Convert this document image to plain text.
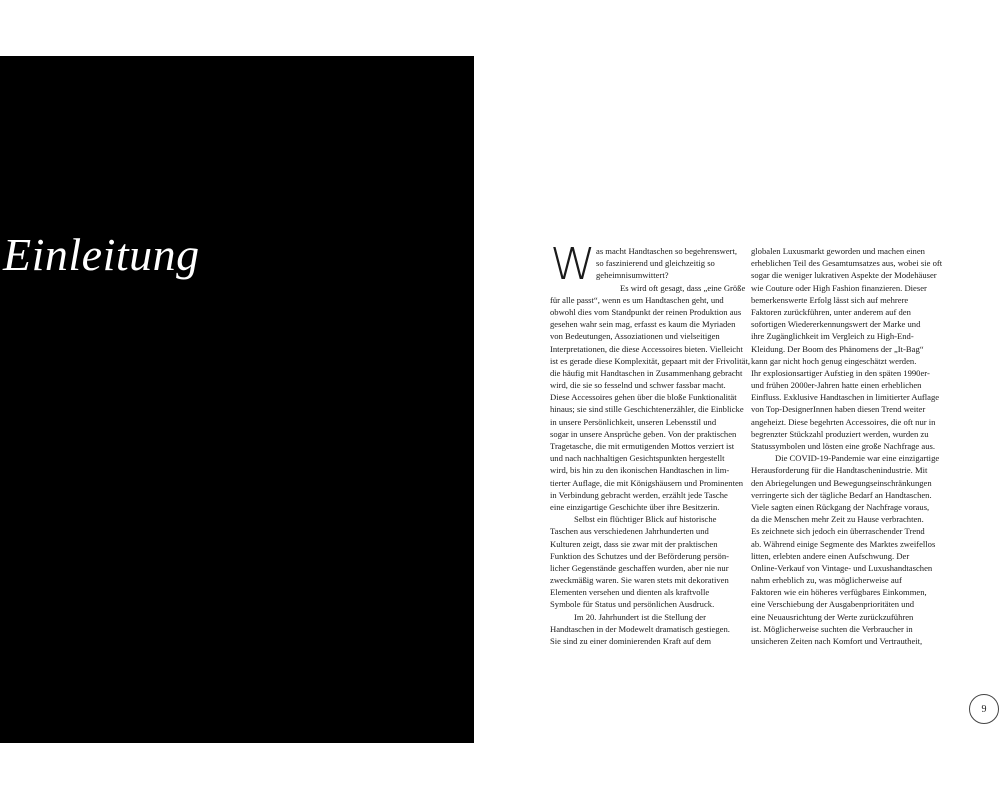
Einleitung	W as macht Handtaschen so begehrenswert,
so faszinierend und gleichzeitig so
geheimnisumwittert?
Es wird oft gesagt, dass „eine Größe
für alle passt“, wenn es um Handtaschen geht, und
obwohl dies vom Standpunkt der reinen Produktion aus
gesehen wahr sein mag, erfasst es kaum die Myriaden
von Bedeutungen, Assoziationen und vielseitigen
Interpretationen, die diese Accessoires bieten. Vielleicht
ist es gerade diese Komplexität, gepaart mit der Frivolität,
die häufig mit Handtaschen in Zusammenhang gebracht
wird, die sie so fesselnd und schwer fassbar macht.
Diese Accessoires gehen über die bloße Funktionalität
hinaus; sie sind stille Geschichtenerzähler, die Einblicke
in unsere Persönlichkeit, unseren Lebensstil und
sogar in unsere Ansprüche geben. Von der praktischen
Tragetasche, die mit ermutigenden Mottos verziert ist
und nach nachhaltigen Gesichtspunkten hergestellt
wird, bis hin zu den ikonischen Handtaschen in lim-
tierter Auflage, die mit Königshäusern und Prominenten
in Verbindung gebracht werden, erzählt jede Tasche
eine einzigartige Geschichte über ihre Besitzerin.
Selbst ein flüchtiger Blick auf historische
Taschen aus verschiedenen Jahrhunderten und
Kulturen zeigt, dass sie zwar mit der praktischen
Funktion des Schutzes und der Beförderung persön-
licher Gegenstände geschaffen wurden, aber nie nur
zweckmäßig waren. Sie waren stets mit dekorativen
Elementen versehen und dienten als kraftvolle
Symbole für Status und persönlichen Ausdruck.
Im 20. Jahrhundert ist die Stellung der
Handtaschen in der Modewelt dramatisch gestiegen.
Sie sind zu einer dominierenden Kraft auf dem
globalen Luxusmarkt geworden und machen einen
erheblichen Teil des Gesamtumsatzes aus, wobei sie oft
sogar die weniger lukrativen Aspekte der Modehäuser
wie Couture oder High Fashion finanzieren. Dieser
bemerkenswerte Erfolg lässt sich auf mehrere
Faktoren zurückführen, unter anderem auf den
sofortigen Wiedererkennungswert der Marke und
ihre Zugänglichkeit im Vergleich zu High-End-
Kleidung. Der Boom des Phänomens der „It-Bag“
kann gar nicht hoch genug eingeschätzt werden.
Ihr explosionsartiger Aufstieg in den späten 1990er-
und frühen 2000er-Jahren hatte einen erheblichen
Einfluss. Exklusive Handtaschen in limitierter Auflage
von Top-DesignerInnen haben diesen Trend weiter
angeheizt. Diese begehrten Accessoires, die oft nur in
begrenzter Stückzahl produziert werden, wurden zu
Statussymbolen und lösten eine große Nachfrage aus.
Die COVID-19-Pandemie war eine einzigartige
Herausforderung für die Handtaschenindustrie. Mit
den Abriegelungen und Bewegungseinschränkungen
verringerte sich der tägliche Bedarf an Handtaschen.
Viele sagten einen Rückgang der Nachfrage voraus,
da die Menschen mehr Zeit zu Hause verbrachten.
Es zeichnete sich jedoch ein überraschender Trend
ab. Während einige Segmente des Marktes zweifellos
litten, erlebten andere einen Aufschwung. Der
Online-Verkauf von Vintage- und Luxushandtaschen
nahm erheblich zu, was möglicherweise auf
Faktoren wie ein höheres verfügbares Einkommen,
eine Verschiebung der Ausgabenprioritäten und
eine Neuausrichtung der Werte zurückzuführen
ist. Möglicherweise suchten die Verbraucher in
unsicheren Zeiten nach Komfort und Vertrautheit,
9
